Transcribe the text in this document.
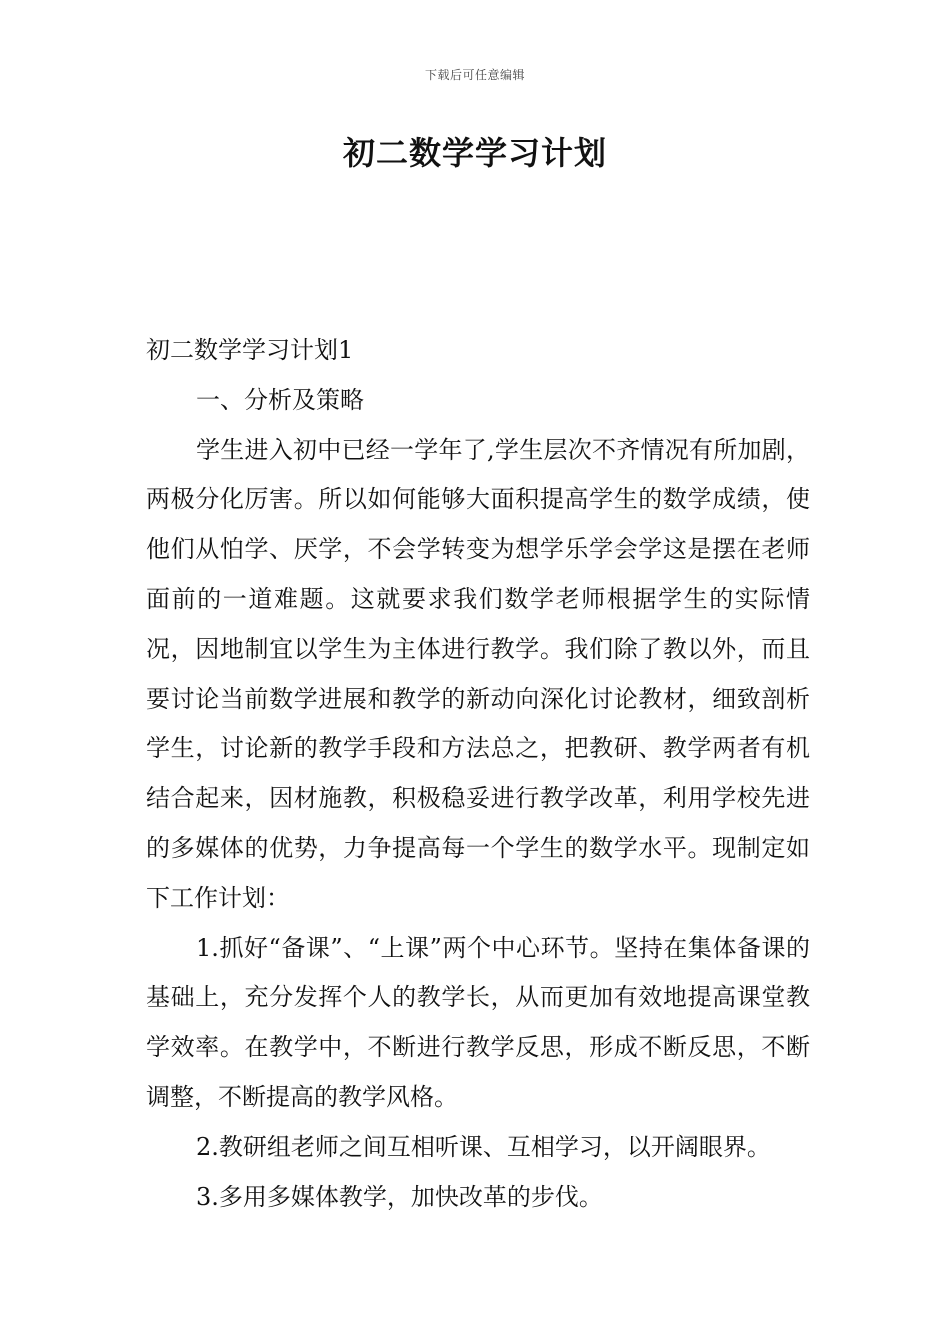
下载后可任意编辑
初二数学学习计划

初二数学学习计划1

一、分析及策略

学生进入初中已经一学年了,学生层次不齐情况有所加剧，两极分化厉害。所以如何能够大面积提高学生的数学成绩，使他们从怕学、厌学，不会学转变为想学乐学会学这是摆在老师面前的一道难题。这就要求我们数学老师根据学生的实际情况，因地制宜以学生为主体进行教学。我们除了教以外，而且要讨论当前数学进展和教学的新动向深化讨论教材，细致剖析学生，讨论新的教学手段和方法总之，把教研、教学两者有机结合起来，因材施教，积极稳妥进行教学改革，利用学校先进的多媒体的优势，力争提高每一个学生的数学水平。现制定如下工作计划：

1.抓好“备课”、“上课”两个中心环节。坚持在集体备课的基础上，充分发挥个人的教学长，从而更加有效地提高课堂教学效率。在教学中，不断进行教学反思，形成不断反思，不断调整，不断提高的教学风格。

2.教研组老师之间互相听课、互相学习，以开阔眼界。

3.多用多媒体教学，加快改革的步伐。
